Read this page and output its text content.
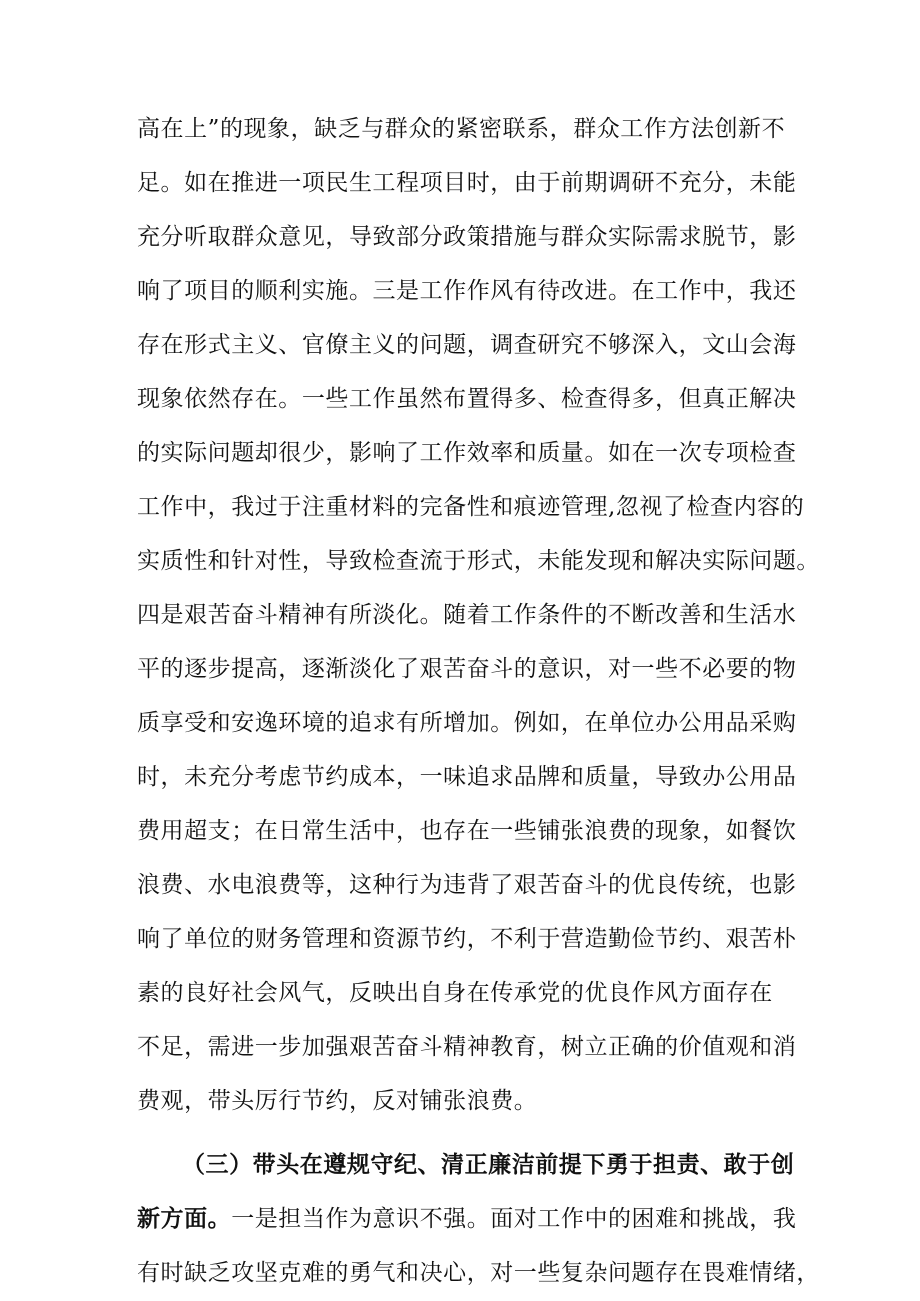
高在上”的现象，缺乏与群众的紧密联系，群众工作方法创新不
足。如在推进一项民生工程项目时，由于前期调研不充分，未能
充分听取群众意见，导致部分政策措施与群众实际需求脱节，影
响了项目的顺利实施。三是工作作风有待改进。在工作中，我还
存在形式主义、官僚主义的问题，调查研究不够深入，文山会海
现象依然存在。一些工作虽然布置得多、检查得多，但真正解决
的实际问题却很少，影响了工作效率和质量。如在一次专项检查
工作中，我过于注重材料的完备性和痕迹管理,忽视了检查内容的
实质性和针对性，导致检查流于形式，未能发现和解决实际问题。
四是艰苦奋斗精神有所淡化。随着工作条件的不断改善和生活水
平的逐步提高，逐渐淡化了艰苦奋斗的意识，对一些不必要的物
质享受和安逸环境的追求有所增加。例如，在单位办公用品采购
时，未充分考虑节约成本，一味追求品牌和质量，导致办公用品
费用超支；在日常生活中，也存在一些铺张浪费的现象，如餐饮
浪费、水电浪费等，这种行为违背了艰苦奋斗的优良传统，也影
响了单位的财务管理和资源节约，不利于营造勤俭节约、艰苦朴
素的良好社会风气，反映出自身在传承党的优良作风方面存在
不足，需进一步加强艰苦奋斗精神教育，树立正确的价值观和消
费观，带头厉行节约，反对铺张浪费。
（三）带头在遵规守纪、清正廉洁前提下勇于担责、敢于创
新方面。一是担当作为意识不强。面对工作中的困难和挑战，我
有时缺乏攻坚克难的勇气和决心，对一些复杂问题存在畏难情绪，
